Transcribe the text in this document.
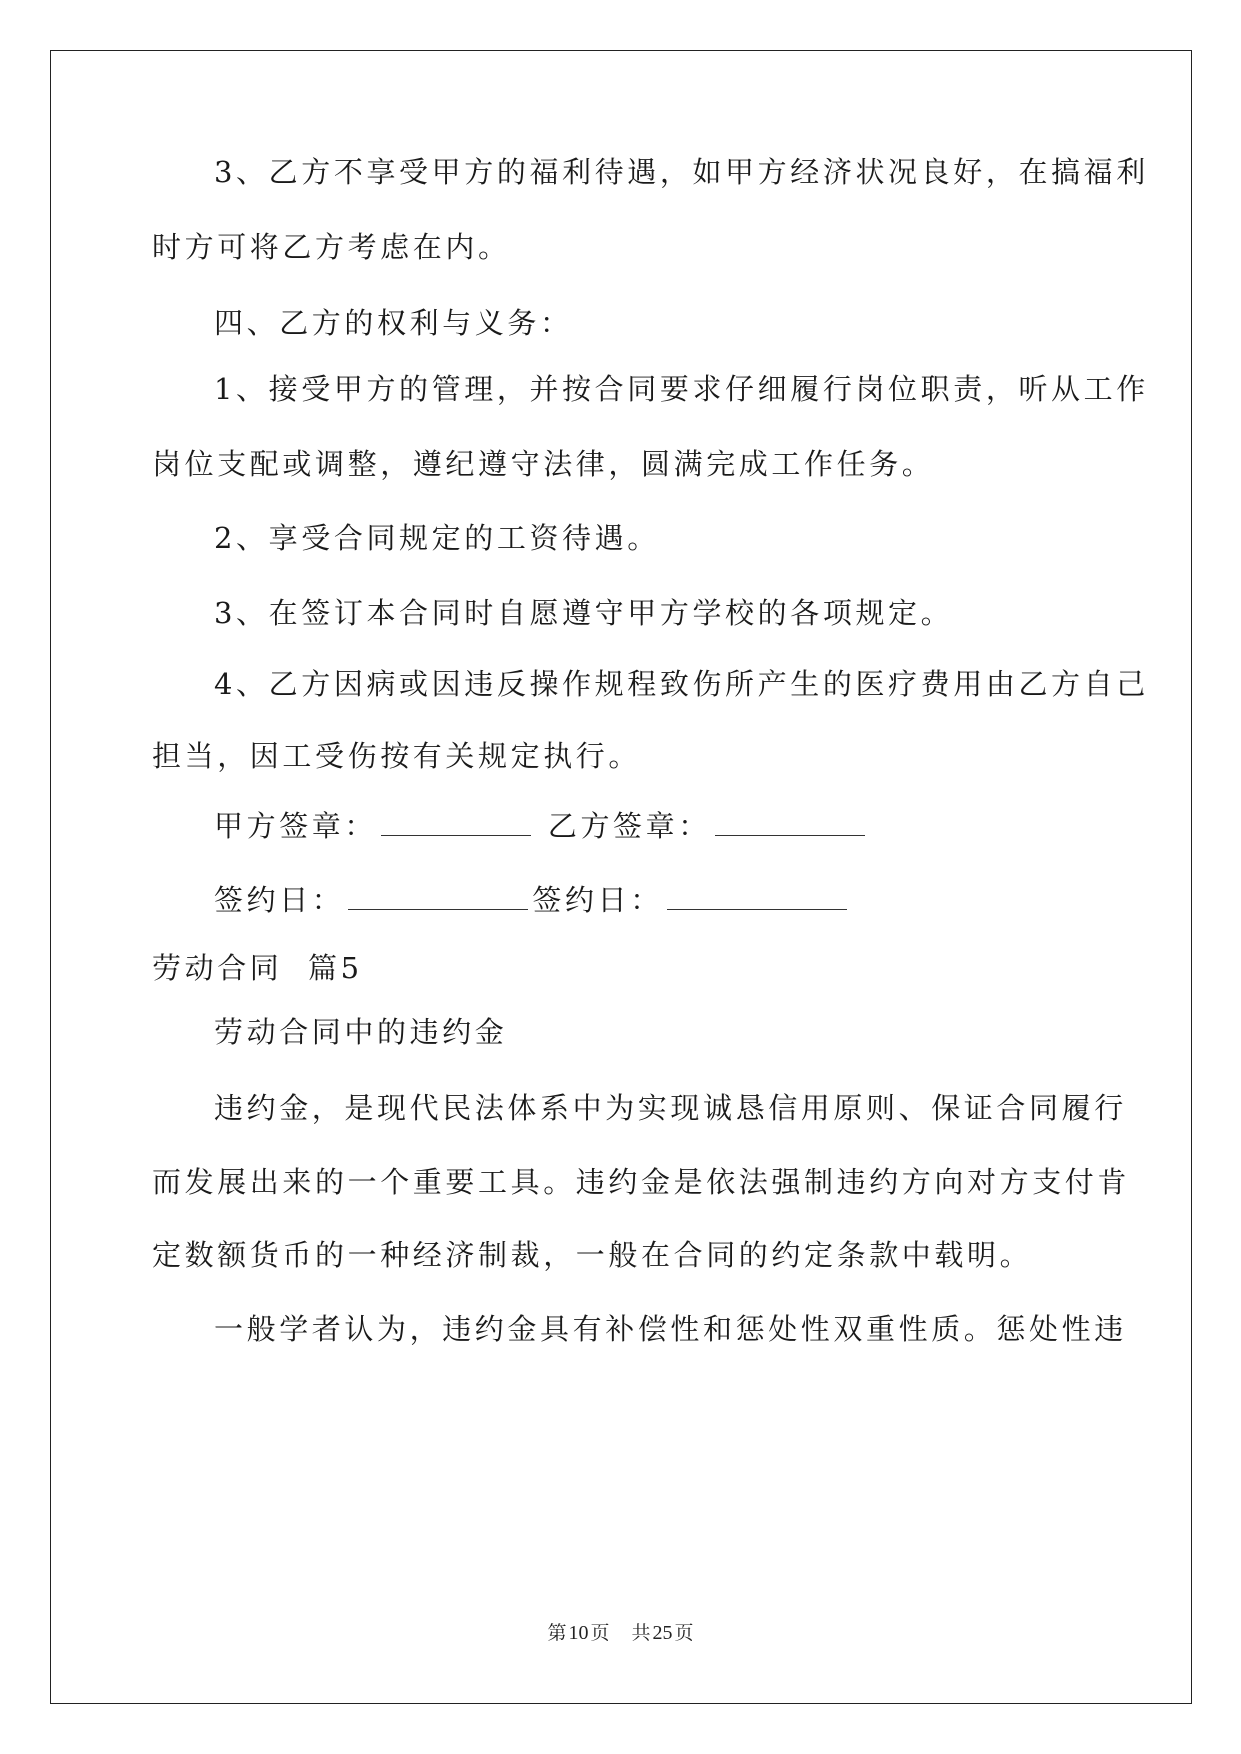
3、乙方不享受甲方的福利待遇，如甲方经济状况良好，在搞福利
时方可将乙方考虑在内。
四、乙方的权利与义务：
1、接受甲方的管理，并按合同要求仔细履行岗位职责，听从工作
岗位支配或调整，遵纪遵守法律，圆满完成工作任务。
2、享受合同规定的工资待遇。
3、在签订本合同时自愿遵守甲方学校的各项规定。
4、乙方因病或因违反操作规程致伤所产生的医疗费用由乙方自己
担当，因工受伤按有关规定执行。
甲方签章：	乙方签章：
签约日：	签约日：
劳动合同  篇5
劳动合同中的违约金
违约金，是现代民法体系中为实现诚恳信用原则、保证合同履行
而发展出来的一个重要工具。违约金是依法强制违约方向对方支付肯
定数额货币的一种经济制裁，一般在合同的约定条款中载明。
一般学者认为，违约金具有补偿性和惩处性双重性质。惩处性违
第 10 页 共 25 页
